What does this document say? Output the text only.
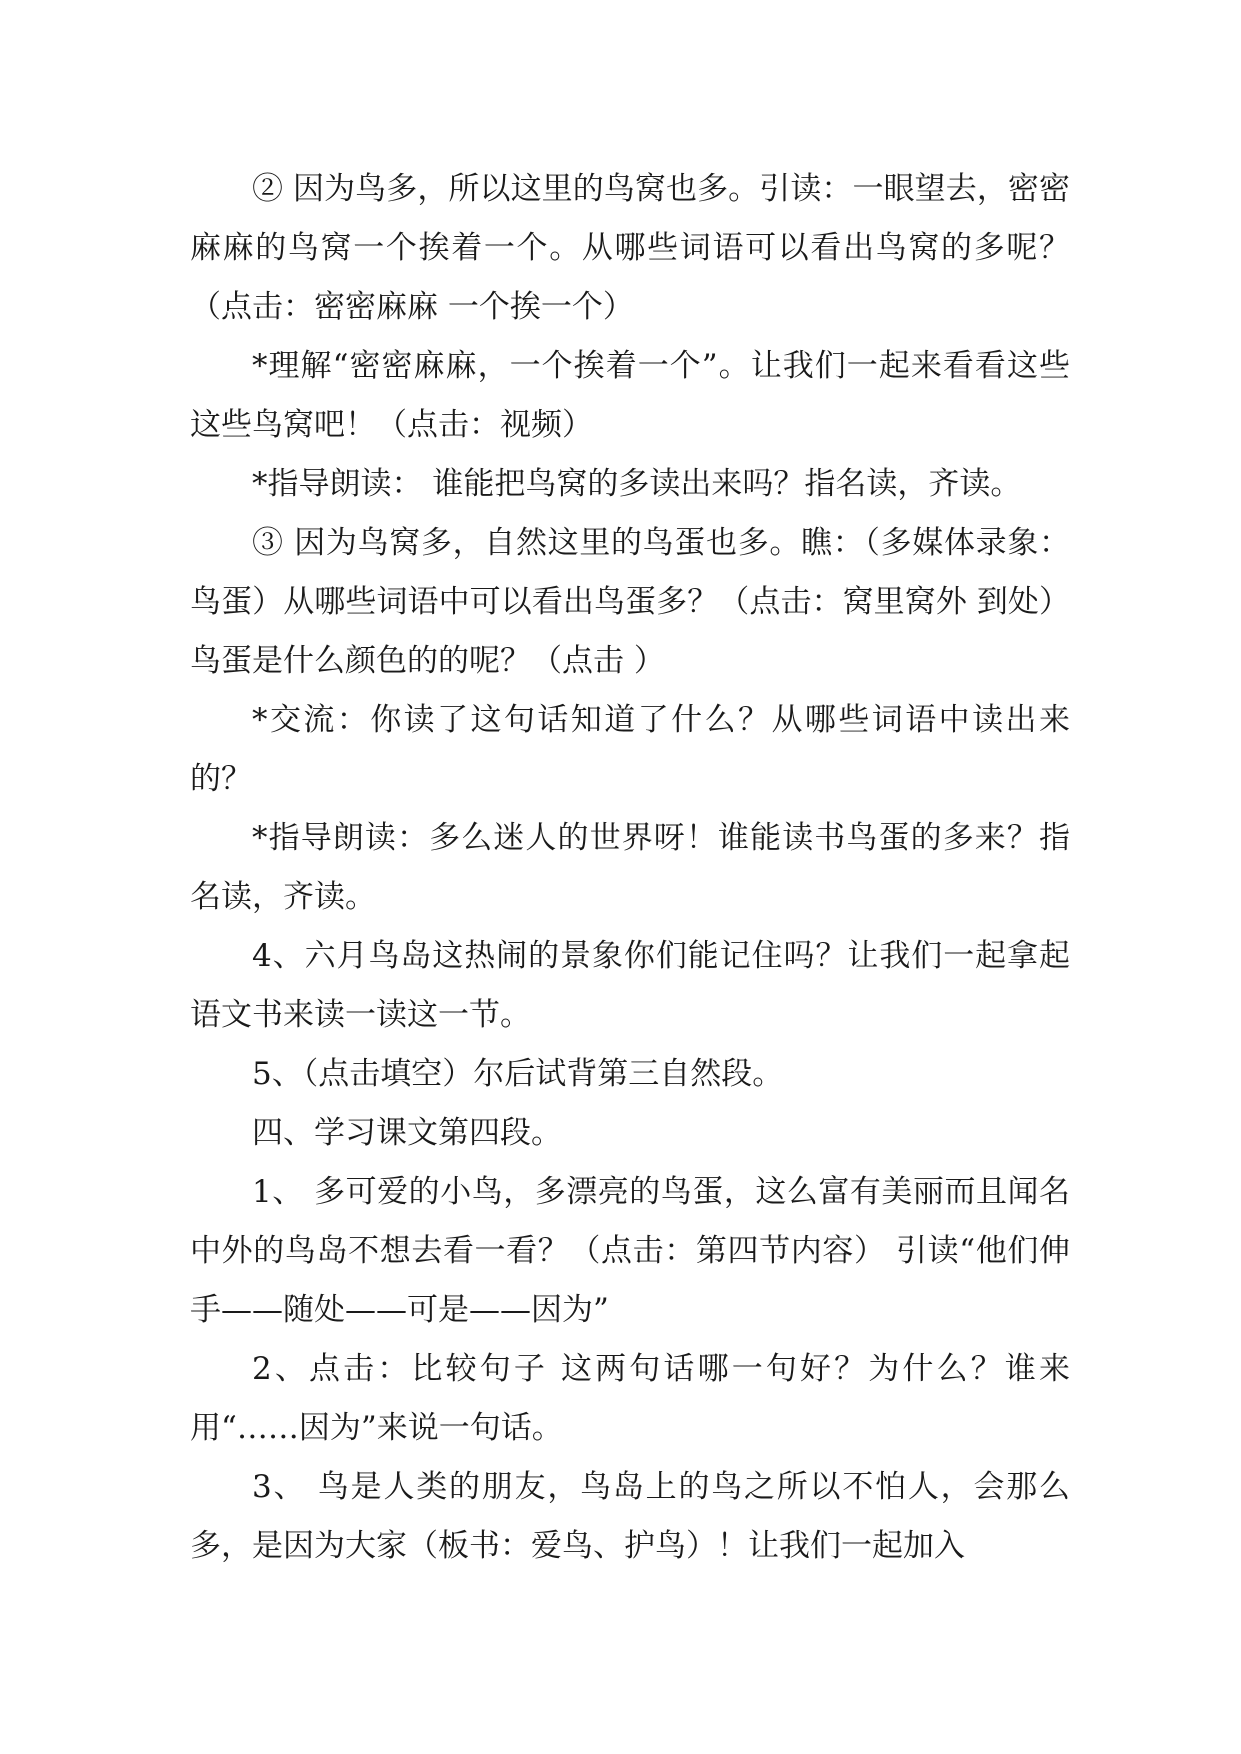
② 因为鸟多，所以这里的鸟窝也多。引读：一眼望去，密密麻麻的鸟窝一个挨着一个。从哪些词语可以看出鸟窝的多呢？（点击：密密麻麻 一个挨一个）

*理解“密密麻麻，一个挨着一个”。让我们一起来看看这些这些鸟窝吧！（点击：视频）

*指导朗读： 谁能把鸟窝的多读出来吗？指名读，齐读。

③ 因为鸟窝多，自然这里的鸟蛋也多。瞧：（多媒体录象：鸟蛋）从哪些词语中可以看出鸟蛋多？（点击：窝里窝外 到处）鸟蛋是什么颜色的的呢？（点击 ）

*交流：你读了这句话知道了什么？从哪些词语中读出来的？

*指导朗读：多么迷人的世界呀！谁能读书鸟蛋的多来？指名读，齐读。

4、六月鸟岛这热闹的景象你们能记住吗？让我们一起拿起语文书来读一读这一节。

5、（点击填空）尔后试背第三自然段。

四、学习课文第四段。

1、 多可爱的小鸟，多漂亮的鸟蛋，这么富有美丽而且闻名中外的鸟岛不想去看一看？（点击：第四节内容） 引读“他们伸手——随处——可是——因为”

2、点击：比较句子 这两句话哪一句好？为什么？谁来用“……因为”来说一句话。

3、 鸟是人类的朋友，鸟岛上的鸟之所以不怕人，会那么多，是因为大家（板书：爱鸟、护鸟）！让我们一起加入
